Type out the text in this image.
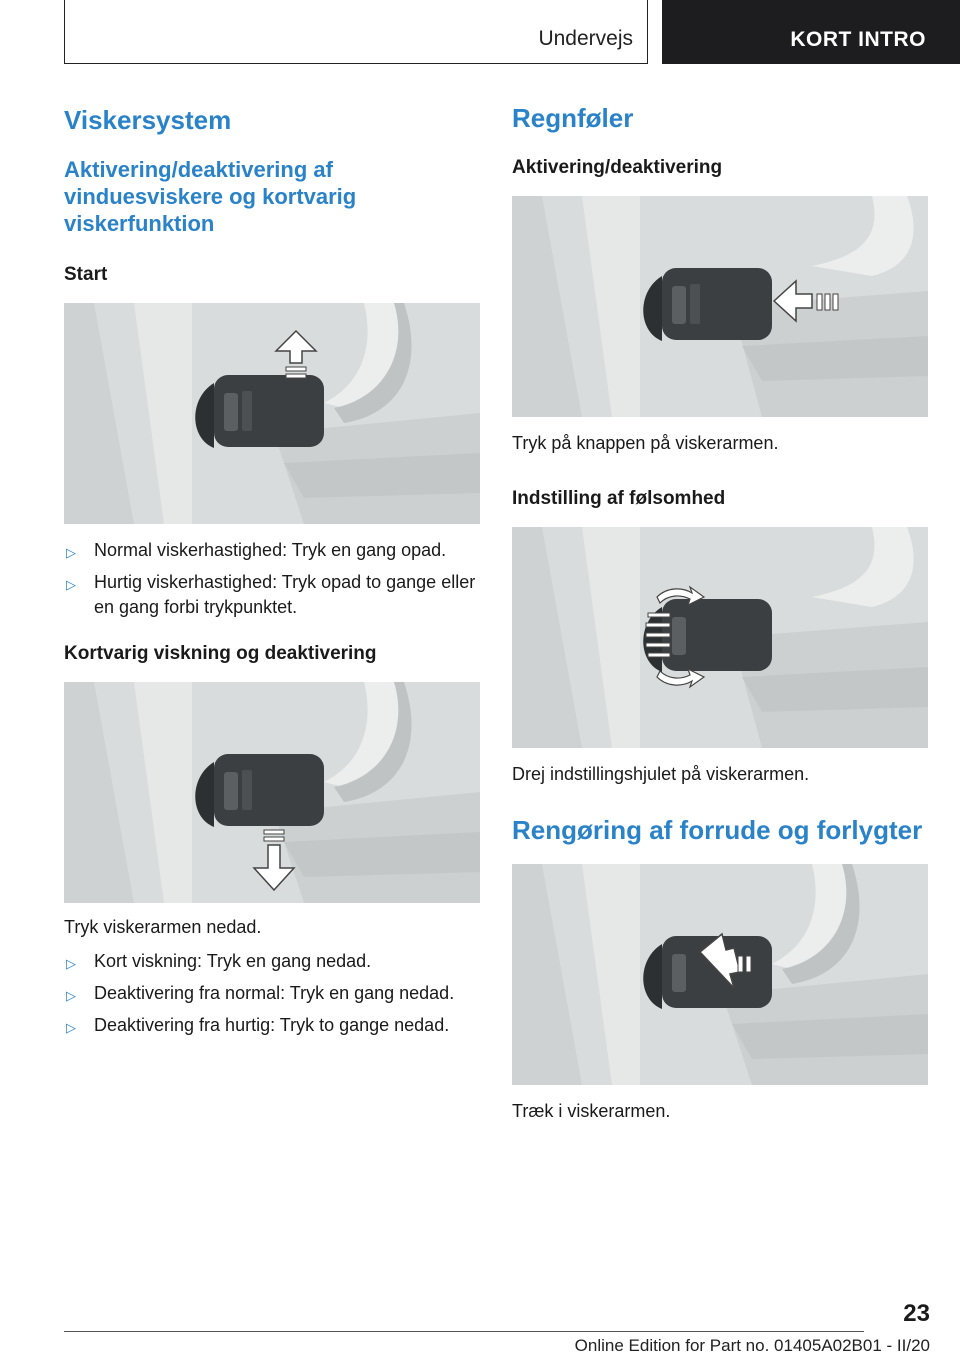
Undervejs	KORT INTRO
Viskersystem
Aktivering/deaktivering af vinduesviskere og kortvarig viskerfunktion
Start
▷ Normal viskerhastighed: Tryk en gang opad.
▷ Hurtig viskerhastighed: Tryk opad to gange eller en gang forbi trykpunktet.
Kortvarig viskning og deaktivering

Tryk viskerarmen nedad.

▷ Kort viskning: Tryk en gang nedad.
▷ Deaktivering fra normal: Tryk en gang nedad.
▷ Deaktivering fra hurtig: Tryk to gange nedad.
Regnføler
Aktivering/deaktivering

Tryk på knappen på viskerarmen.

Indstilling af følsomhed

Drej indstillingshjulet på viskerarmen.

Rengøring af forrude og forlygter

Træk i viskerarmen.

23
Online Edition for Part no. 01405A02B01 - II/20
